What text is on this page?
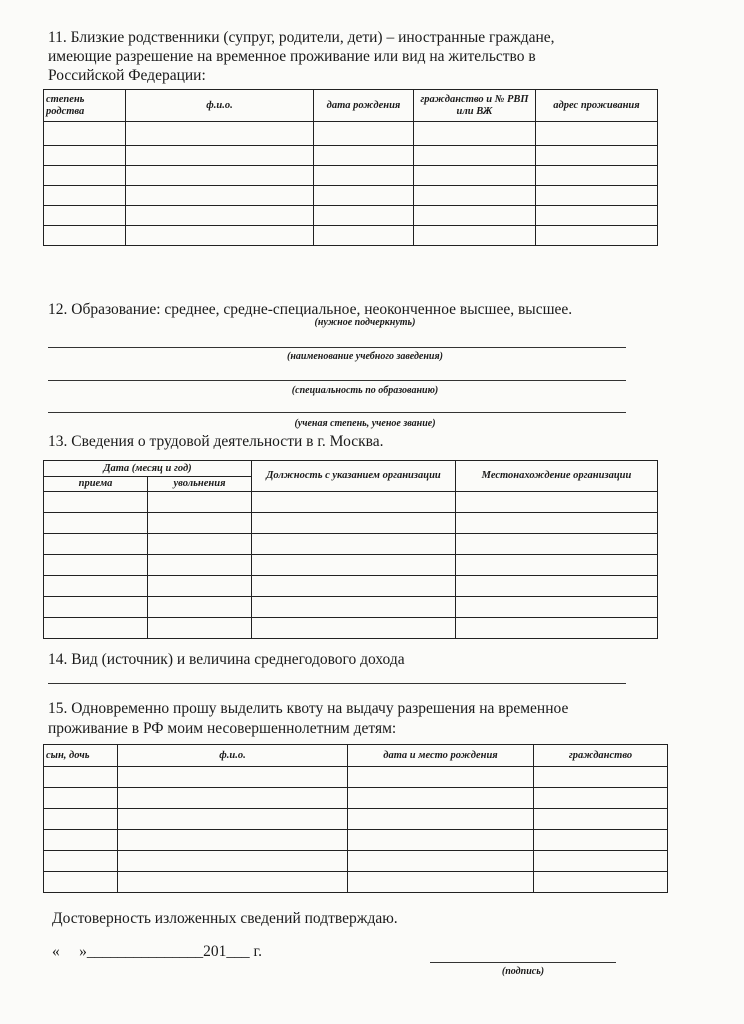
11. Близкие родственники (супруг, родители, дети) – иностранные граждане,
имеющие разрешение на временное проживание или вид на жительство в
Российской Федерации:
степень родства	ф.и.о.	дата рождения	гражданство и № РВП или ВЖ	адрес проживания

12. Образование: среднее, средне-специальное, неоконченное высшее, высшее.
(нужное подчеркнуть)
(наименование учебного заведения)
(специальность по образованию)
(ученая степень, ученое звание)
13. Сведения о трудовой деятельности в г. Москва.
Дата (месяц и год)		Должность с указанием организации	Местонахождение организации
приема	увольнения		

14. Вид (источник) и величина среднегодового дохода
15. Одновременно прошу выделить квоту на выдачу разрешения на временное
проживание в РФ моим несовершеннолетним детям:
сын, дочь	ф.и.о.	дата и место рождения	гражданство

Достоверность изложенных сведений подтверждаю.
«     »_______________201___ г.
(подпись)
